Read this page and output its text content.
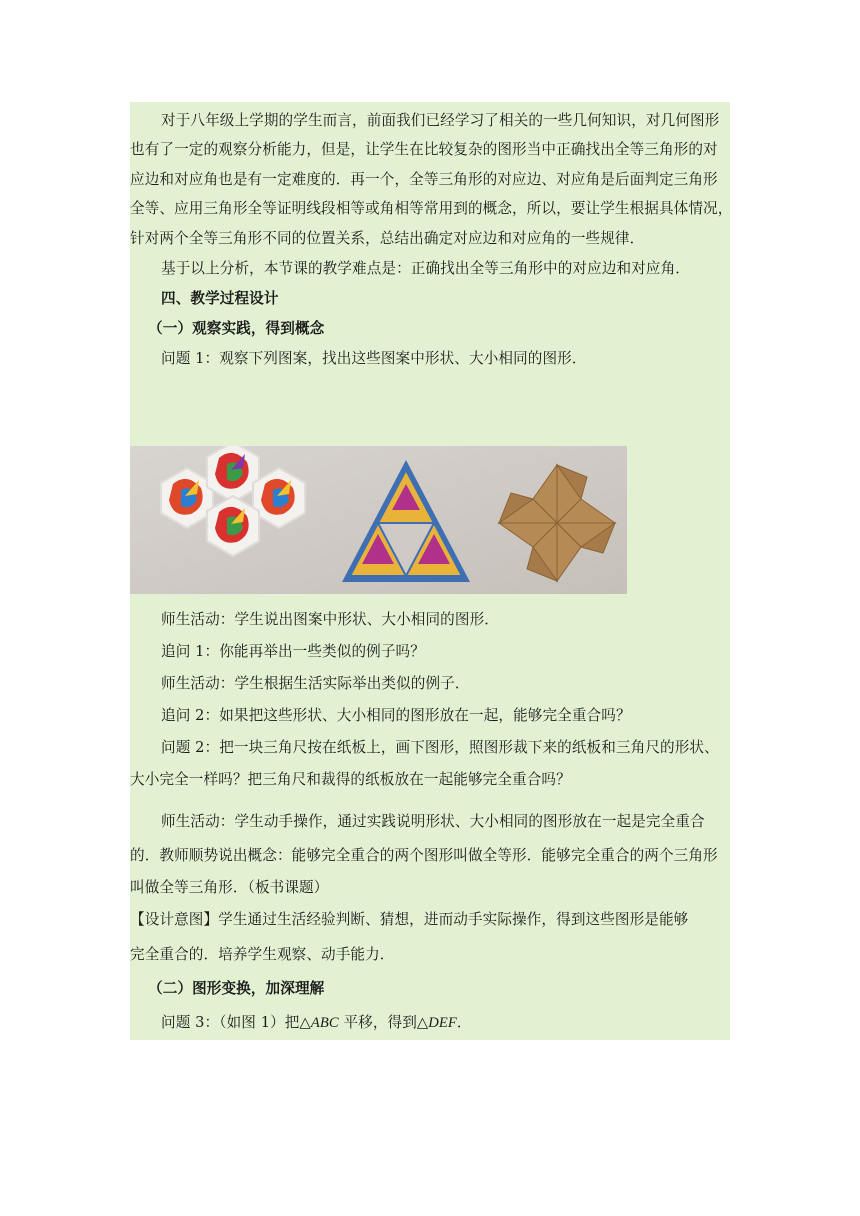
对于八年级上学期的学生而言，前面我们已经学习了相关的一些几何知识，对几何图形
也有了一定的观察分析能力，但是，让学生在比较复杂的图形当中正确找出全等三角形的对
应边和对应角也是有一定难度的．再一个，全等三角形的对应边、对应角是后面判定三角形
全等、应用三角形全等证明线段相等或角相等常用到的概念，所以，要让学生根据具体情况，
针对两个全等三角形不同的位置关系，总结出确定对应边和对应角的一些规律．
基于以上分析，本节课的教学难点是：正确找出全等三角形中的对应边和对应角．
四、教学过程设计
（一）观察实践，得到概念
问题 1：观察下列图案，找出这些图案中形状、大小相同的图形．
师生活动：学生说出图案中形状、大小相同的图形．
追问 1：你能再举出一些类似的例子吗？
师生活动：学生根据生活实际举出类似的例子．
追问 2：如果把这些形状、大小相同的图形放在一起，能够完全重合吗？
问题 2：把一块三角尺按在纸板上，画下图形，照图形裁下来的纸板和三角尺的形状、
大小完全一样吗？把三角尺和裁得的纸板放在一起能够完全重合吗？
师生活动：学生动手操作，通过实践说明形状、大小相同的图形放在一起是完全重合
的．教师顺势说出概念：能够完全重合的两个图形叫做全等形．能够完全重合的两个三角形
叫做全等三角形．（板书课题）
【设计意图】学生通过生活经验判断、猜想，进而动手实际操作，得到这些图形是能够
完全重合的．培养学生观察、动手能力．
（二）图形变换，加深理解
问题 3：（如图 1）把△ABC 平移，得到△DEF．
